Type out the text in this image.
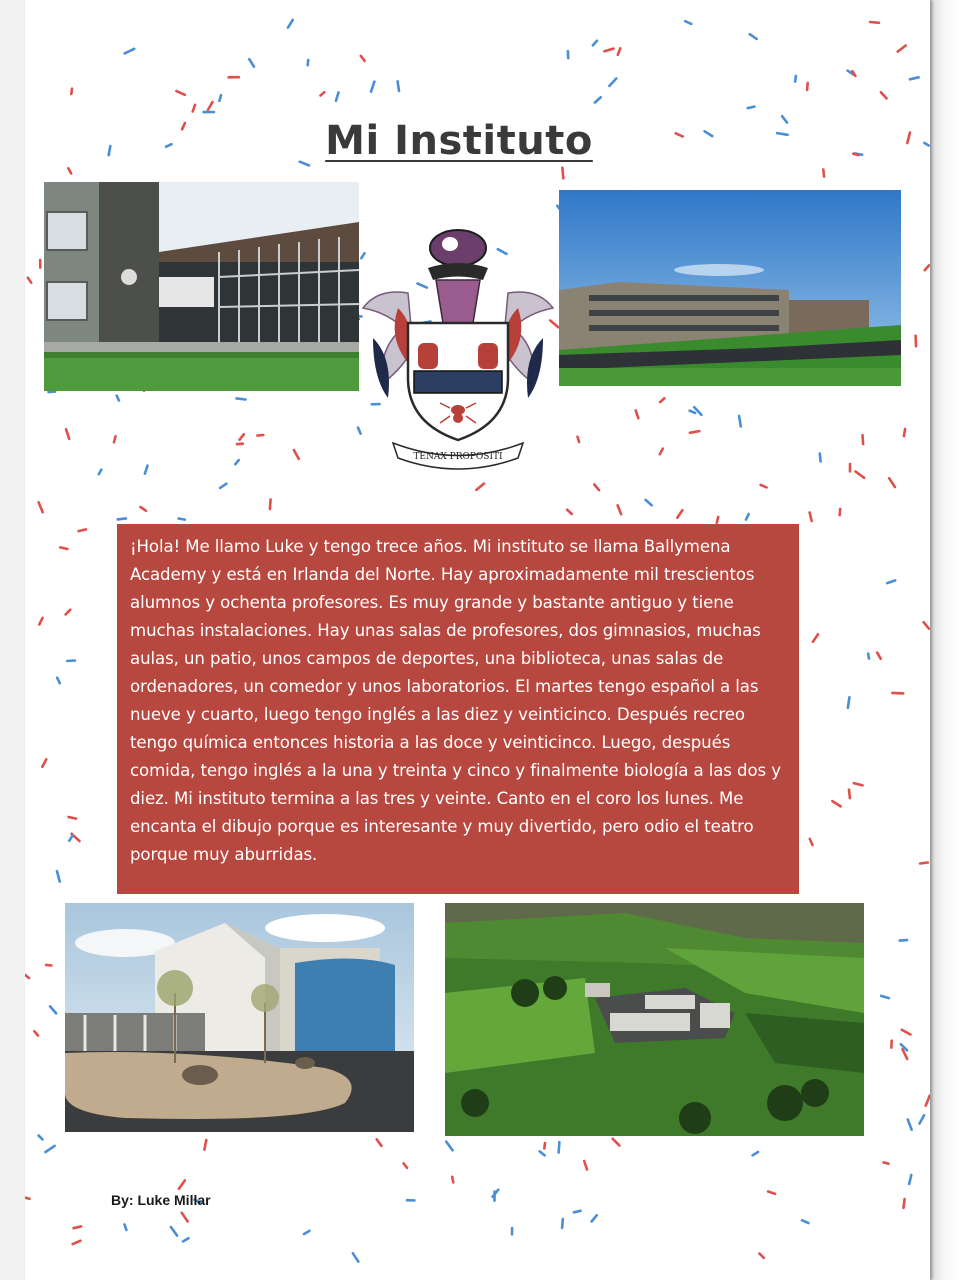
Mi Instituto
TENAX PROPOSITI

¡Hola! Me llamo Luke y tengo trece años. Mi instituto se llama Ballymena Academy y está en Irlanda del Norte. Hay aproximadamente mil trescientos alumnos y ochenta profesores. Es muy grande y bastante antiguo y tiene muchas instalaciones. Hay unas salas de profesores, dos gimnasios, muchas aulas, un patio, unos campos de deportes, una biblioteca, unas salas de ordenadores, un comedor y unos laboratorios. El martes tengo español a las nueve y cuarto, luego tengo inglés a las diez y veinticinco. Después recreo tengo química entonces historia a las doce y veinticinco. Luego, después comida, tengo inglés a la una y treinta y cinco y finalmente biología a las dos y diez. Mi instituto termina a las tres y veinte. Canto en el coro los lunes. Me encanta el dibujo porque es interesante y muy divertido, pero odio el teatro porque muy aburridas.

By: Luke Millar
